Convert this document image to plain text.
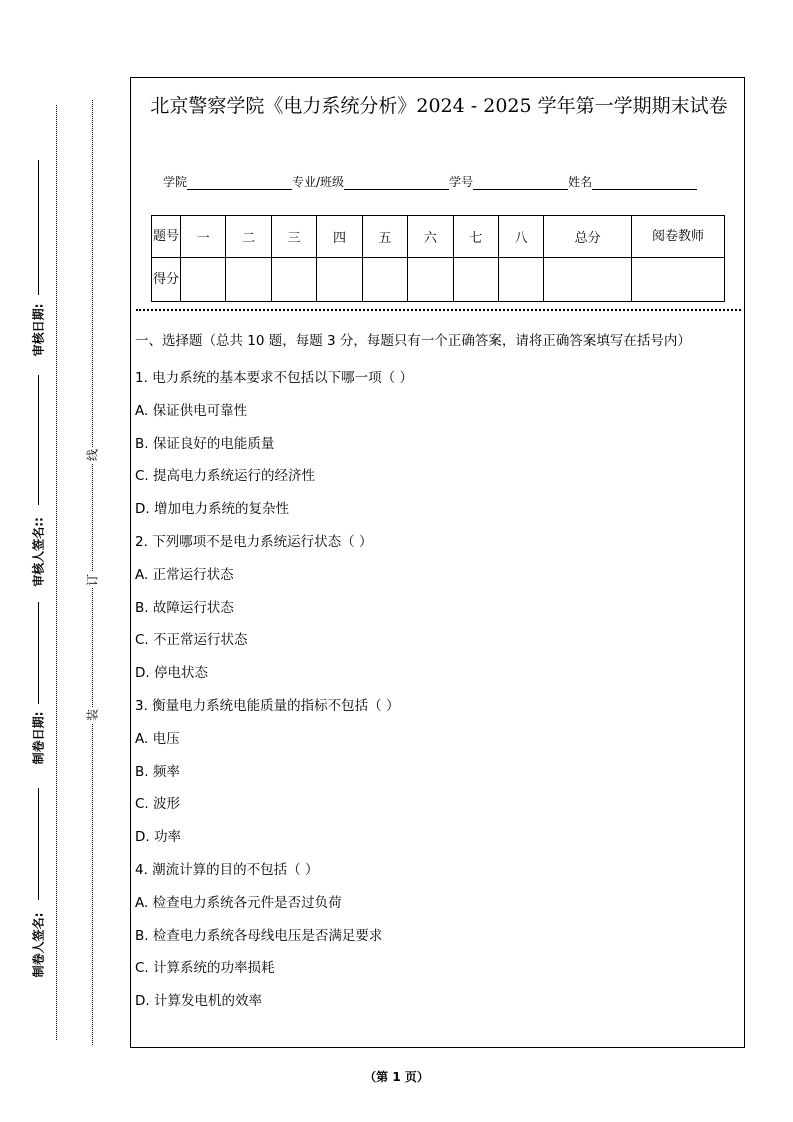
审核日期:
审核人签名::
制卷日期:
制卷人签名:
线
订
装
北京警察学院《电力系统分析》2024 - 2025 学年第一学期期末试卷
学院	专业/班级	学号	姓名
题号	一	二	三	四	五	六	七	八	总分	阅卷教师
得分										
一、选择题（总共 10 题，每题 3 分，每题只有一个正确答案，请将正确答案填写在括号内）
1. 电力系统的基本要求不包括以下哪一项（ ）
A. 保证供电可靠性
B. 保证良好的电能质量
C. 提高电力系统运行的经济性
D. 增加电力系统的复杂性
2. 下列哪项不是电力系统运行状态（ ）
A. 正常运行状态
B. 故障运行状态
C. 不正常运行状态
D. 停电状态
3. 衡量电力系统电能质量的指标不包括（ ）
A. 电压
B. 频率
C. 波形
D. 功率
4. 潮流计算的目的不包括（ ）
A. 检查电力系统各元件是否过负荷
B. 检查电力系统各母线电压是否满足要求
C. 计算系统的功率损耗
D. 计算发电机的效率
（第 1 页）
